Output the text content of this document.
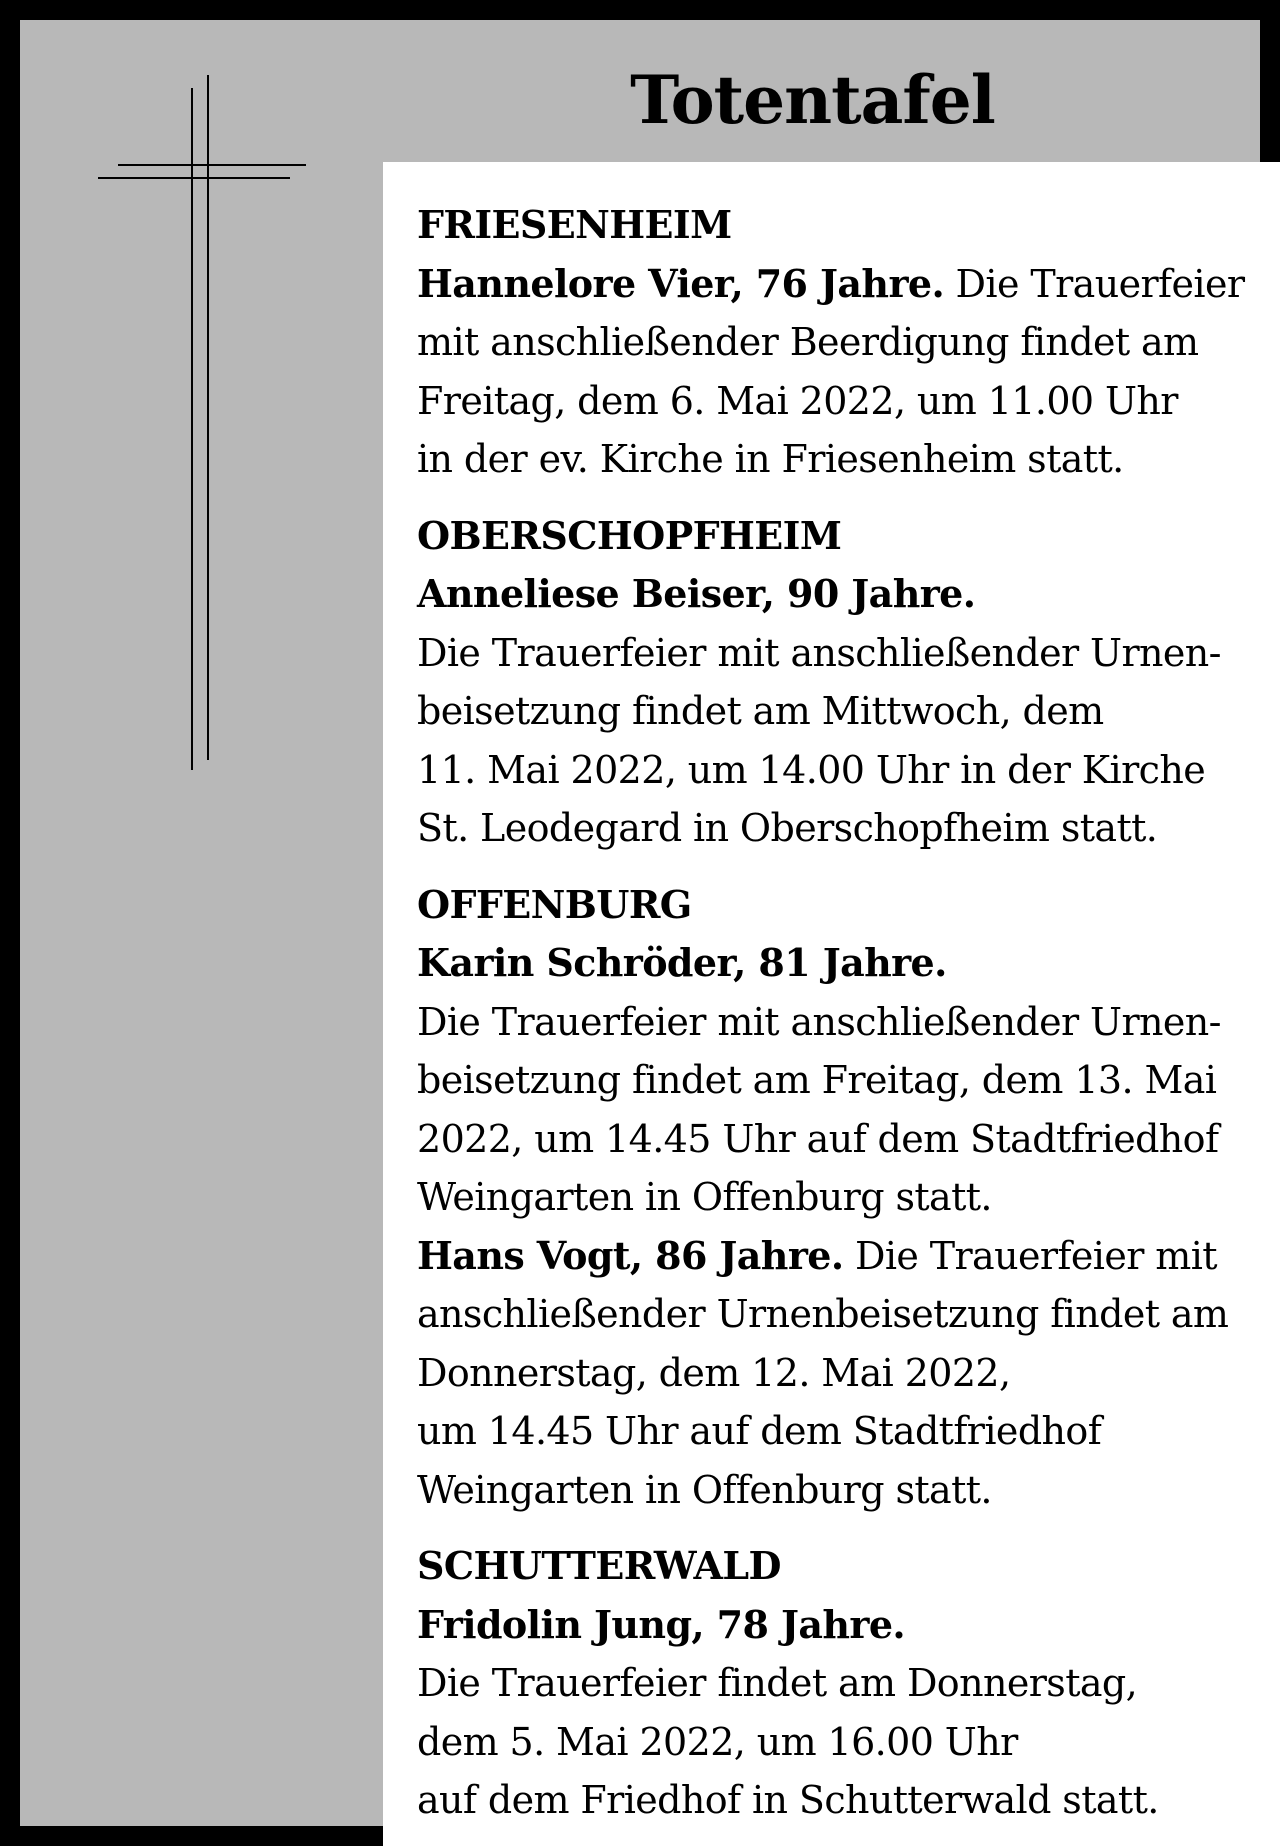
Totentafel
FRIESENHEIM
Hannelore Vier, 76 Jahre. Die Trauerfeier
mit anschließender Beerdigung findet am
Freitag, dem 6. Mai 2022, um 11.00 Uhr
in der ev. Kirche in Friesenheim statt.
OBERSCHOPFHEIM
Anneliese Beiser, 90 Jahre.
Die Trauerfeier mit anschließender Urnen-
beisetzung findet am Mittwoch, dem
11. Mai 2022, um 14.00 Uhr in der Kirche
St. Leodegard in Oberschopfheim statt.
OFFENBURG
Karin Schröder, 81 Jahre.
Die Trauerfeier mit anschließender Urnen-
beisetzung findet am Freitag, dem 13. Mai
2022, um 14.45 Uhr auf dem Stadtfriedhof
Weingarten in Offenburg statt.
Hans Vogt, 86 Jahre. Die Trauerfeier mit
anschließender Urnenbeisetzung findet am
Donnerstag, dem 12. Mai 2022,
um 14.45 Uhr auf dem Stadtfriedhof
Weingarten in Offenburg statt.
SCHUTTERWALD
Fridolin Jung, 78 Jahre.
Die Trauerfeier findet am Donnerstag,
dem 5. Mai 2022, um 16.00 Uhr
auf dem Friedhof in Schutterwald statt.
